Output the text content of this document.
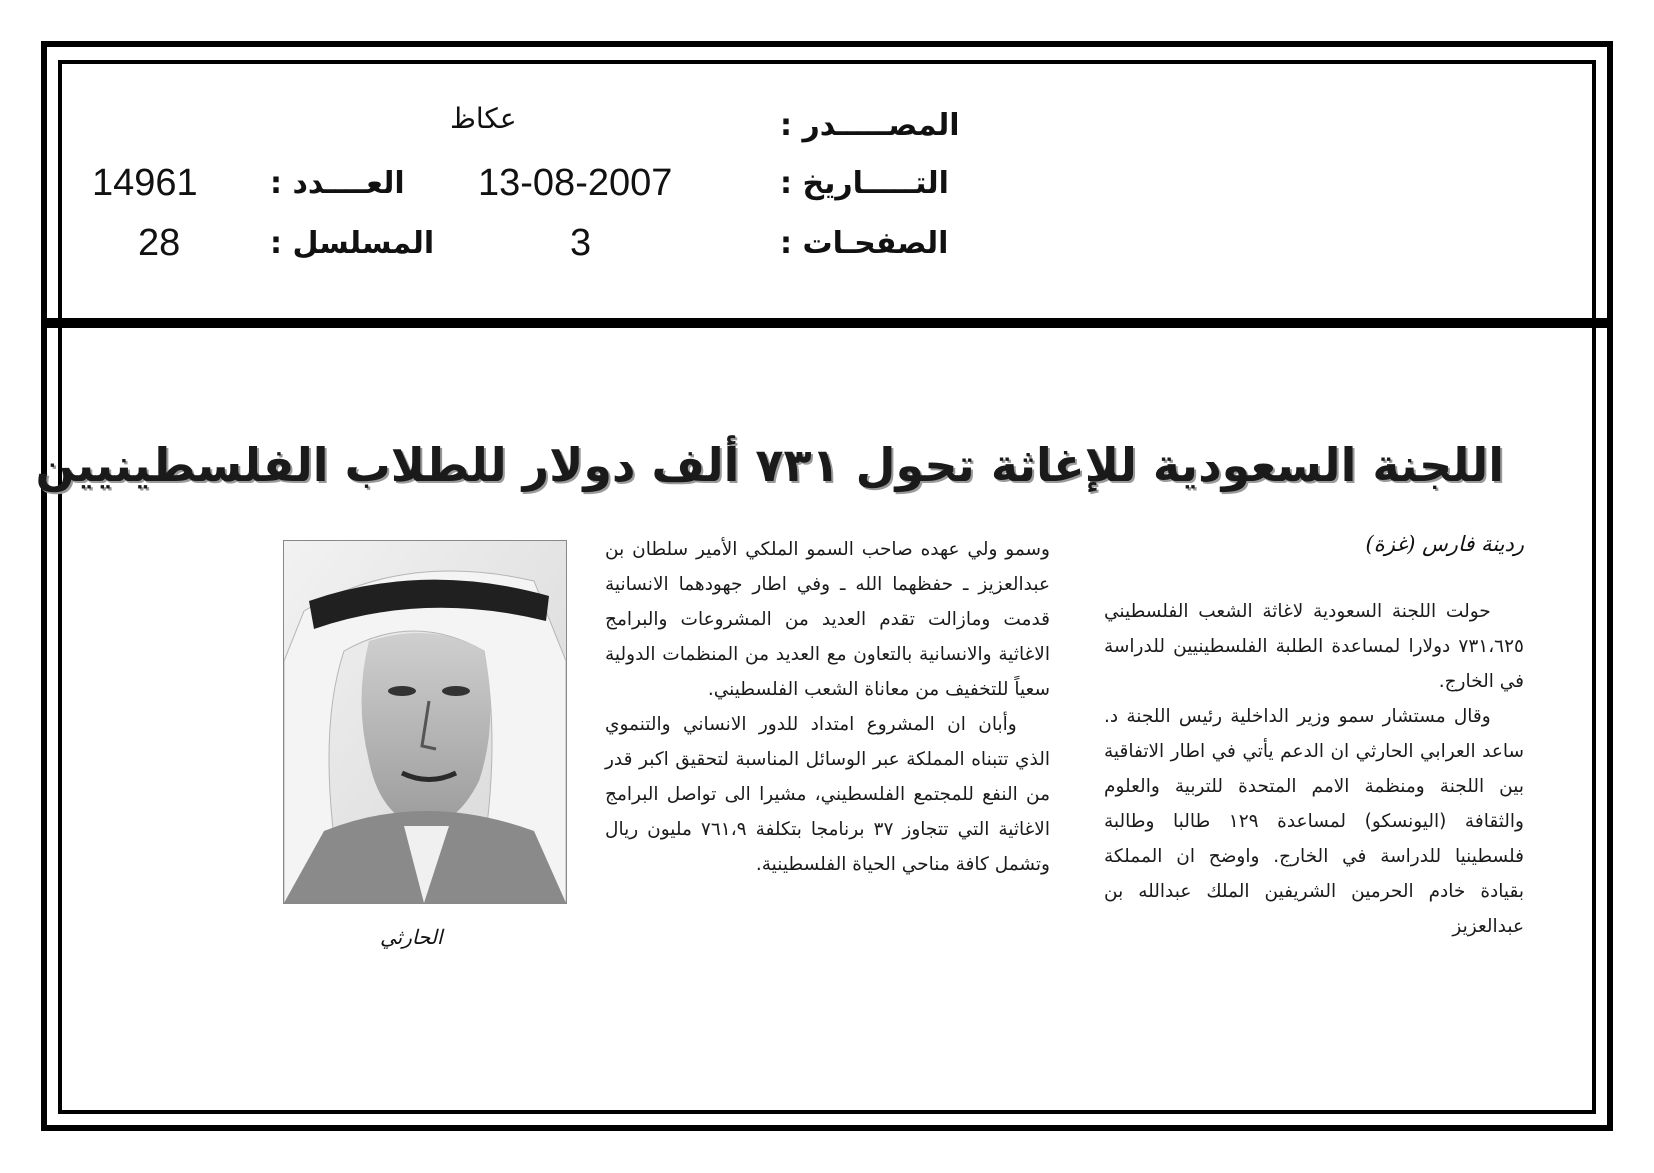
المصـــــدر :
عكاظ
التـــــاريخ :
13-08-2007
العــــدد :
14961
الصفحـات :
3
المسلسل :
28
اللجنة السعودية للإغاثة تحول ٧٣١ ألف دولار للطلاب الفلسطينيين
ردينة فارس (غزة)

حولت اللجنة السعودية لاغاثة الشعب الفلسطيني ٧٣١،٦٢٥ دولارا لمساعدة الطلبة الفلسطينيين للدراسة في الخارج.

وقال مستشار سمو وزير الداخلية رئيس اللجنة د. ساعد العرابي الحارثي ان الدعم يأتي في اطار الاتفاقية بين اللجنة ومنظمة الامم المتحدة للتربية والعلوم والثقافة (اليونسكو) لمساعدة ١٢٩ طالبا وطالبة فلسطينيا للدراسة في الخارج. واوضح ان المملكة بقيادة خادم الحرمين الشريفين الملك عبدالله بن عبدالعزيز

وسمو ولي عهده صاحب السمو الملكي الأمير سلطان بن عبدالعزيز ـ حفظهما الله ـ وفي اطار جهودهما الانسانية قدمت ومازالت تقدم العديد من المشروعات والبرامج الاغاثية والانسانية بالتعاون مع العديد من المنظمات الدولية سعياً للتخفيف من معاناة الشعب الفلسطيني.

وأبان ان المشروع امتداد للدور الانساني والتنموي الذي تتبناه المملكة عبر الوسائل المناسبة لتحقيق اكبر قدر من النفع للمجتمع الفلسطيني، مشيرا الى تواصل البرامج الاغاثية التي تتجاوز ٣٧ برنامجا بتكلفة ٧٦١،٩ مليون ريال وتشمل كافة مناحي الحياة الفلسطينية.

الحارثي
